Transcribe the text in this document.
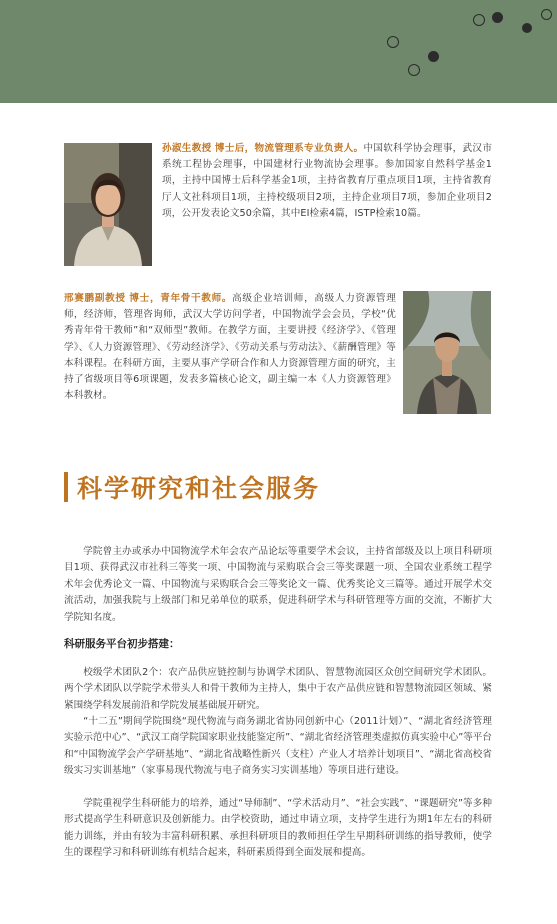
孙淑生教授 博士后，物流管理系专业负责人。中国软科学协会理事，武汉市系统工程协会理事，中国建材行业物流协会理事。参加国家自然科学基金1项，主持中国博士后科学基金1项，主持省教育厅重点项目1项，主持省教育厅人文社科项目1项，主持校级项目2项，主持企业项目7项，参加企业项目2项，公开发表论文50余篇，其中EI检索4篇，ISTP检索10篇。
邢赛鹏副教授 博士，青年骨干教师。高级企业培训师，高级人力资源管理师，经济师，管理咨询师，武汉大学访问学者，中国物流学会会员，学校“优秀青年骨干教师”和“双师型”教师。在教学方面，主要讲授《经济学》、《管理学》、《人力资源管理》、《劳动经济学》、《劳动关系与劳动法》、《薪酬管理》等本科课程。在科研方面，主要从事产学研合作和人力资源管理方面的研究，主持了省级项目等6项课题，发表多篇核心论文，副主编一本《人力资源管理》本科教材。
科学研究和社会服务

学院曾主办或承办中国物流学术年会农产品论坛等重要学术会议，主持省部级及以上项目科研项目1项、获得武汉市社科三等奖一项、中国物流与采购联合会三等奖课题一项、全国农业系统工程学术年会优秀论文一篇、中国物流与采购联合会三等奖论文一篇、优秀奖论文三篇等。通过开展学术交流活动，加强我院与上级部门和兄弟单位的联系，促进科研学术与科研管理等方面的交流，不断扩大学院知名度。

科研服务平台初步搭建：

校级学术团队2个：农产品供应链控制与协调学术团队、智慧物流园区众创空间研究学术团队。两个学术团队以学院学术带头人和骨干教师为主持人，集中于农产品供应链和智慧物流园区领域、紧紧围绕学科发展前沿和学院发展基础展开研究。

“十二五”期间学院围绕“现代物流与商务湖北省协同创新中心（2011计划）”、“湖北省经济管理实验示范中心”、“武汉工商学院国家职业技能鉴定所”、“湖北省经济管理类虚拟仿真实验中心”等平台和“中国物流学会产学研基地”、“湖北省战略性新兴（支柱）产业人才培养计划项目”、“湖北省高校省级实习实训基地”（家事易现代物流与电子商务实习实训基地）等项目进行建设。

学院重视学生科研能力的培养，通过“导师制”、“学术活动月”、“社会实践”、“课题研究”等多种形式提高学生科研意识及创新能力。由学校资助，通过申请立项，支持学生进行为期1年左右的科研能力训练，并由有较为丰富科研积累、承担科研项目的教师担任学生早期科研训练的指导教师，使学生的课程学习和科研训练有机结合起来，科研素质得到全面发展和提高。
